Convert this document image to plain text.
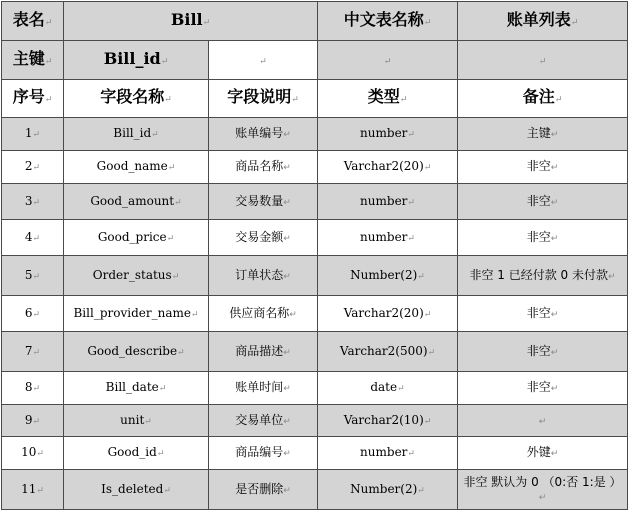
表名↵	Bill↵		中文表名称↵	账单列表↵
主键↵	Bill_id↵	↵	↵	↵
序号↵	字段名称↵	字段说明↵	类型↵	备注↵
1↵	Bill_id↵	账单编号↵	number↵	主键↵
2↵	Good_name↵	商品名称↵	Varchar2(20)↵	非空↵
3↵	Good_amount↵	交易数量↵	number↵	非空↵
4↵	Good_price↵	交易金额↵	number↵	非空↵
5↵	Order_status↵	订单状态↵	Number(2)↵	非空 1 已经付款 0 未付款↵
6↵	Bill_provider_name↵	供应商名称↵	Varchar2(20)↵	非空↵
7↵	Good_describe↵	商品描述↵	Varchar2(500)↵	非空↵
8↵	Bill_date↵	账单时间↵	date↵	非空↵
9↵	unit↵	交易单位↵	Varchar2(10)↵	↵
10↵	Good_id↵	商品编号↵	number↵	外键↵
11↵	Is_deleted↵	是否删除↵	Number(2)↵	非空 默认为 0 （0:否 1:是 ）↵
